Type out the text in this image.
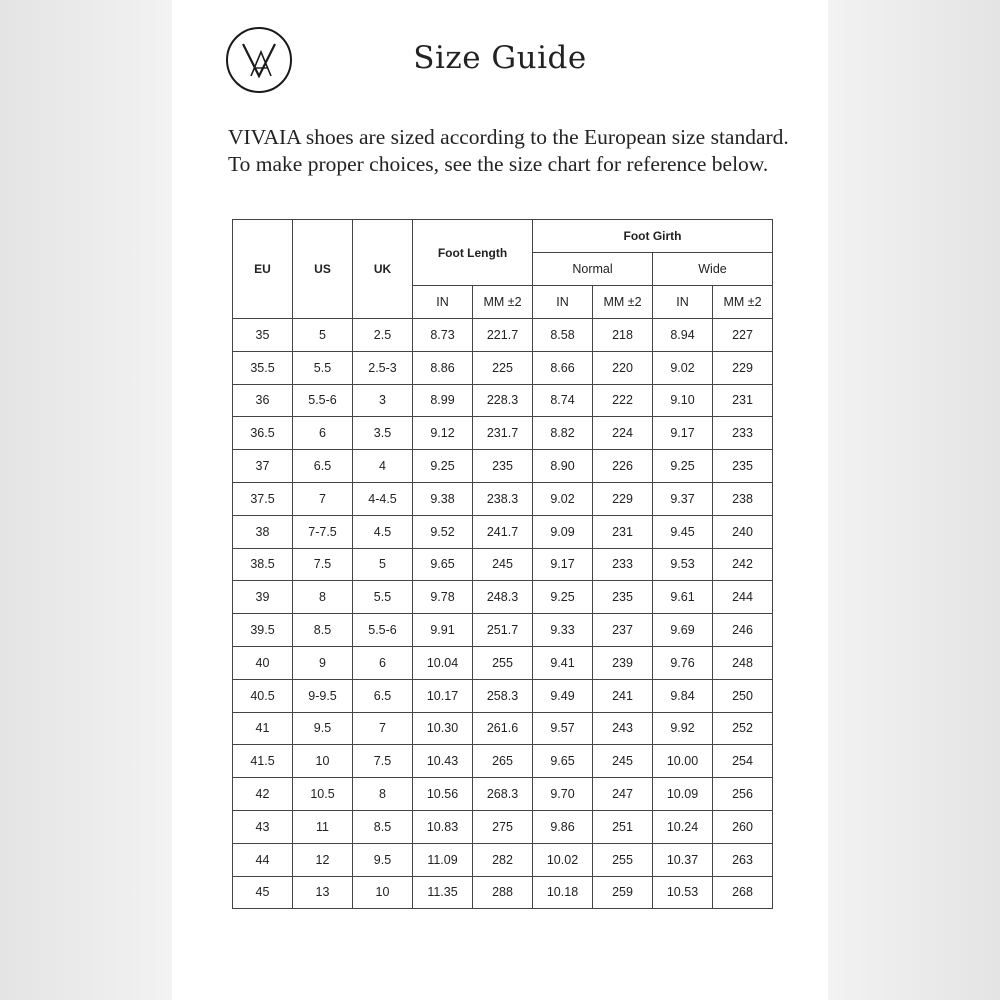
Size Guide
VIVAIA shoes are sized according to the European size standard.
To make proper choices, see the size chart for reference below.
EU	US	UK	Foot Length		Foot Girth			
					Normal		Wide	
			IN	MM ±2	IN	MM ±2	IN	MM ±2
35	5	2.5	8.73	221.7	8.58	218	8.94	227
35.5	5.5	2.5-3	8.86	225	8.66	220	9.02	229
36	5.5-6	3	8.99	228.3	8.74	222	9.10	231
36.5	6	3.5	9.12	231.7	8.82	224	9.17	233
37	6.5	4	9.25	235	8.90	226	9.25	235
37.5	7	4-4.5	9.38	238.3	9.02	229	9.37	238
38	7-7.5	4.5	9.52	241.7	9.09	231	9.45	240
38.5	7.5	5	9.65	245	9.17	233	9.53	242
39	8	5.5	9.78	248.3	9.25	235	9.61	244
39.5	8.5	5.5-6	9.91	251.7	9.33	237	9.69	246
40	9	6	10.04	255	9.41	239	9.76	248
40.5	9-9.5	6.5	10.17	258.3	9.49	241	9.84	250
41	9.5	7	10.30	261.6	9.57	243	9.92	252
41.5	10	7.5	10.43	265	9.65	245	10.00	254
42	10.5	8	10.56	268.3	9.70	247	10.09	256
43	11	8.5	10.83	275	9.86	251	10.24	260
44	12	9.5	11.09	282	10.02	255	10.37	263
45	13	10	11.35	288	10.18	259	10.53	268
